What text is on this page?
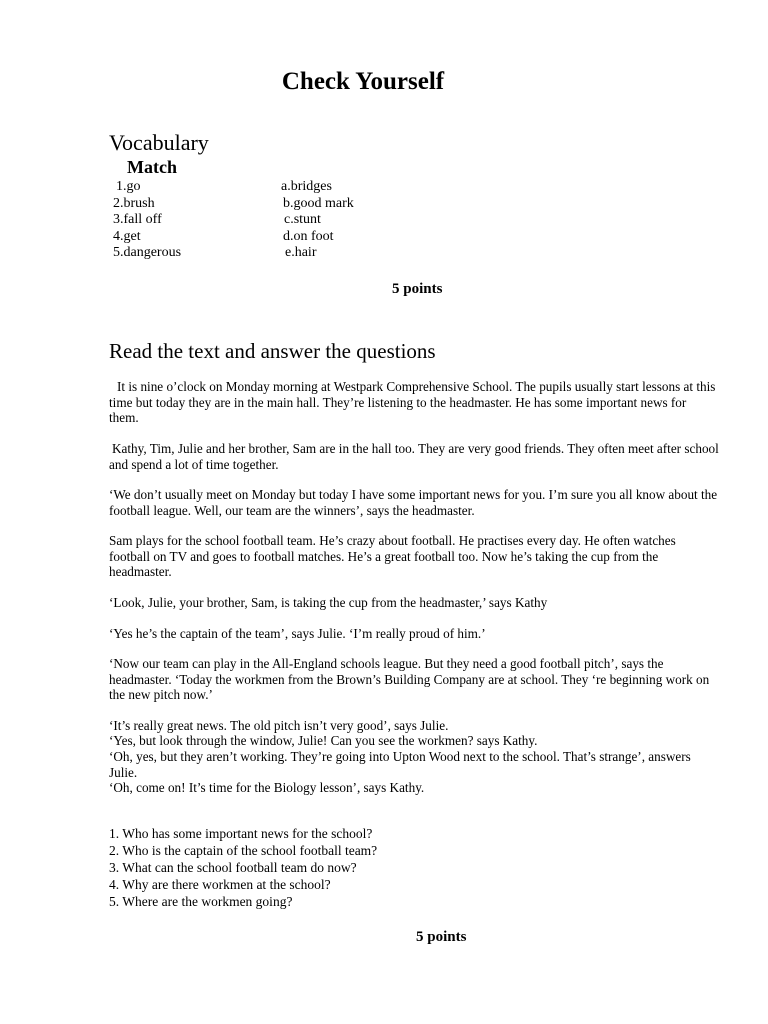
Check Yourself
Vocabulary
Match
1.go
2.brush
3.fall off
4.get
5.dangerous
a.bridges
b.good mark
c.stunt
d.on foot
e.hair
5 points
Read the text and answer the questions

It is nine o’clock on Monday morning at Westpark Comprehensive School. The pupils usually start lessons at this time but today they are in the main hall. They’re listening to the headmaster. He has some important news for them.

Kathy, Tim, Julie and her brother, Sam are in the hall too. They are very good friends. They often meet after school and spend a lot of time together.

‘We don’t usually meet on Monday but today I have some important news for you. I’m sure you all know about the football league. Well, our team are the winners’, says the headmaster.

Sam plays for the school football team. He’s crazy about football. He practises every day. He often watches football on TV and goes to football matches. He’s a great football too. Now he’s taking the cup from the headmaster.

‘Look, Julie, your brother, Sam, is taking the cup from the headmaster,’ says Kathy

‘Yes he’s the captain of the team’, says Julie. ‘I’m really proud of him.’

‘Now our team can play in the All-England schools league. But they need a good football pitch’, says the headmaster. ‘Today the workmen from the Brown’s Building Company are at school. They ‘re beginning work on the new pitch now.’

‘It’s really great news. The old pitch isn’t very good’, says Julie.

‘Yes, but look through the window, Julie! Can you see the workmen? says Kathy.

‘Oh, yes, but they aren’t working. They’re going into Upton Wood next to the school. That’s strange’, answers Julie.

‘Oh, come on! It’s time for the Biology lesson’, says Kathy.

1. Who has some important news for the school?
2. Who is the captain of the school football team?
3. What can the school football team do now?
4. Why are there workmen at the school?
5. Where are the workmen going?
5 points
